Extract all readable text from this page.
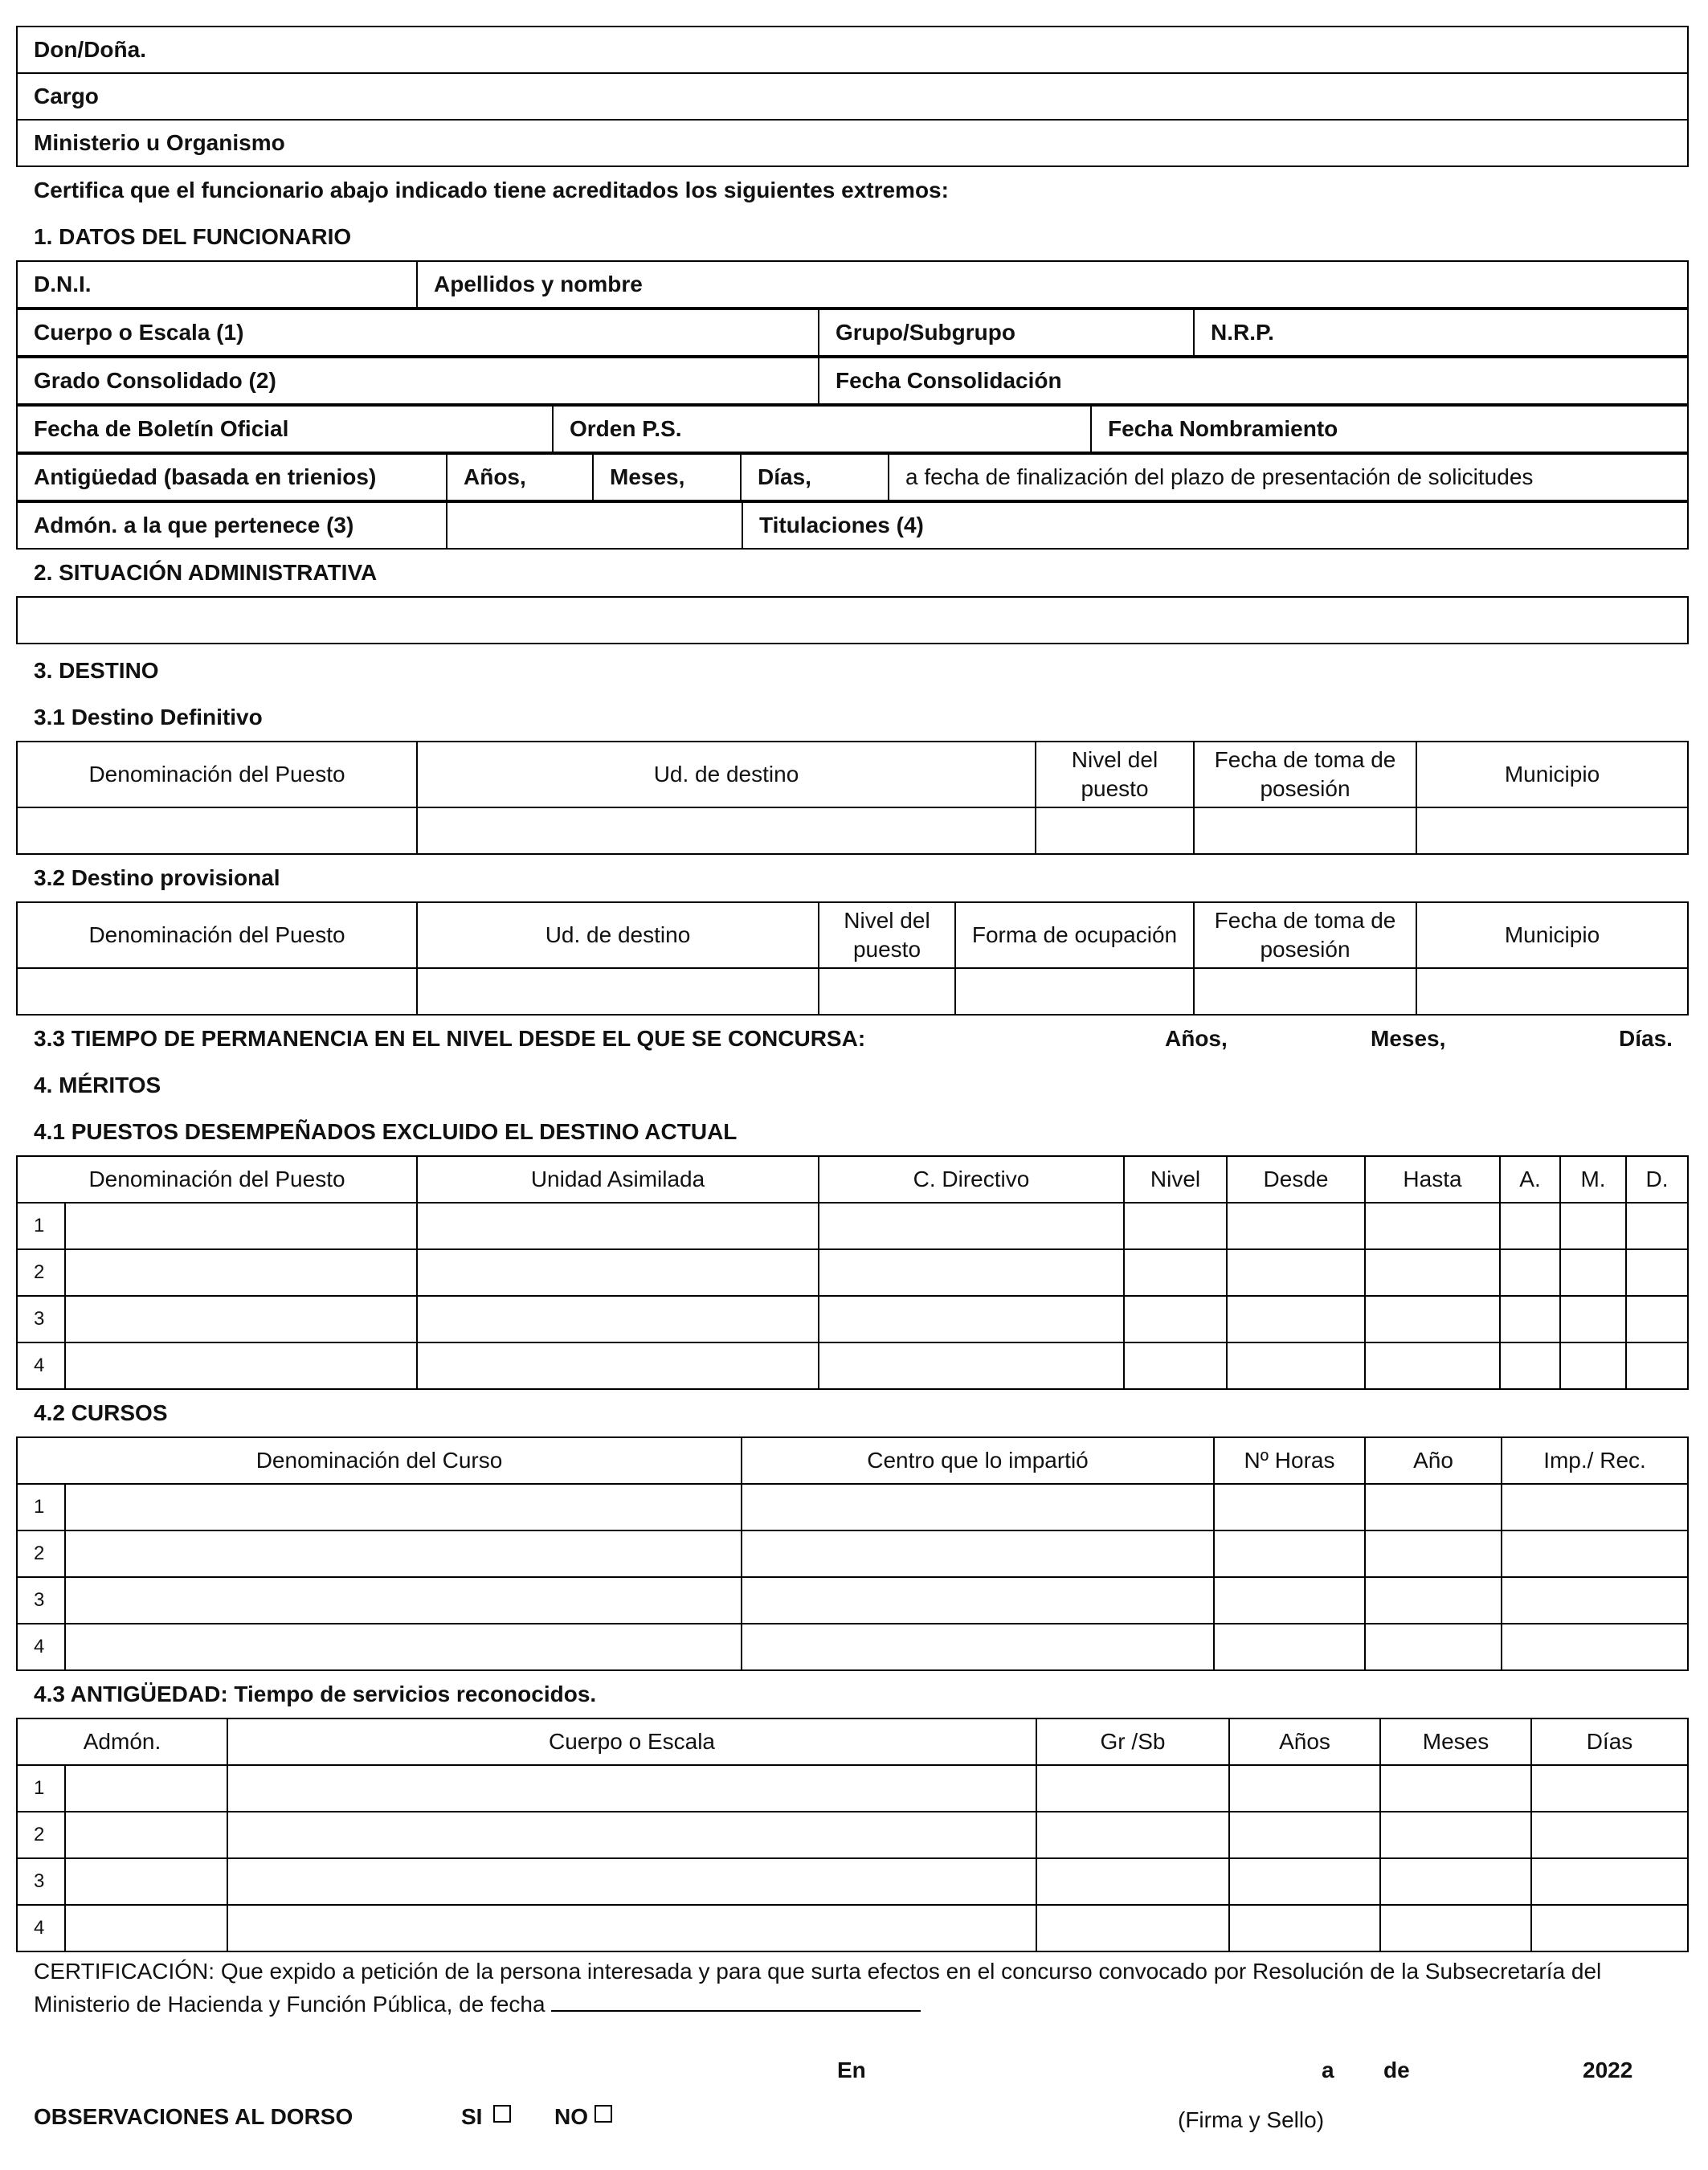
Don/Doña.
Cargo
Ministerio u Organismo
Certifica que el funcionario abajo indicado tiene acreditados los siguientes extremos:
1. DATOS DEL FUNCIONARIO
D.N.I.	Apellidos y nombre
Cuerpo o Escala (1)	Grupo/Subgrupo	N.R.P.
Grado Consolidado (2)	Fecha Consolidación
Fecha de Boletín Oficial	Orden P.S.	Fecha Nombramiento
Antigüedad (basada en trienios)	Años,	Meses,	Días,	a fecha de finalización del plazo de presentación de solicitudes
Admón. a la que pertenece (3)		Titulaciones (4)
2. SITUACIÓN ADMINISTRATIVA
3. DESTINO
3.1 Destino Definitivo
Denominación del Puesto	Ud. de destino	Nivel del puesto	Fecha de toma de posesión	Municipio

3.2 Destino provisional
Denominación del Puesto	Ud. de destino	Nivel del puesto	Forma de ocupación	Fecha de toma de posesión	Municipio

3.3 TIEMPO DE PERMANENCIA EN EL NIVEL DESDE EL QUE SE CONCURSA:	Años,	Meses,	Días.
4. MÉRITOS
4.1 PUESTOS DESEMPEÑADOS EXCLUIDO EL DESTINO ACTUAL
Denominación del Puesto		Unidad Asimilada	C. Directivo	Nivel	Desde	Hasta	A.	M.	D.
1									
2									
3									
4									
4.2 CURSOS
Denominación del Curso		Centro que lo impartió	Nº Horas	Año	Imp./ Rec.
1					
2					
3					
4					
4.3 ANTIGÜEDAD: Tiempo de servicios reconocidos.
Admón.		Cuerpo o Escala	Gr /Sb	Años	Meses	Días
1						
2						
3						
4						
CERTIFICACIÓN: Que expido a petición de la persona interesada y para que surta efectos en el concurso convocado por Resolución de la Subsecretaría del
Ministerio de Hacienda y Función Pública, de fecha
En	a de	2022
OBSERVACIONES AL DORSO	SI	NO	(Firma y Sello)
